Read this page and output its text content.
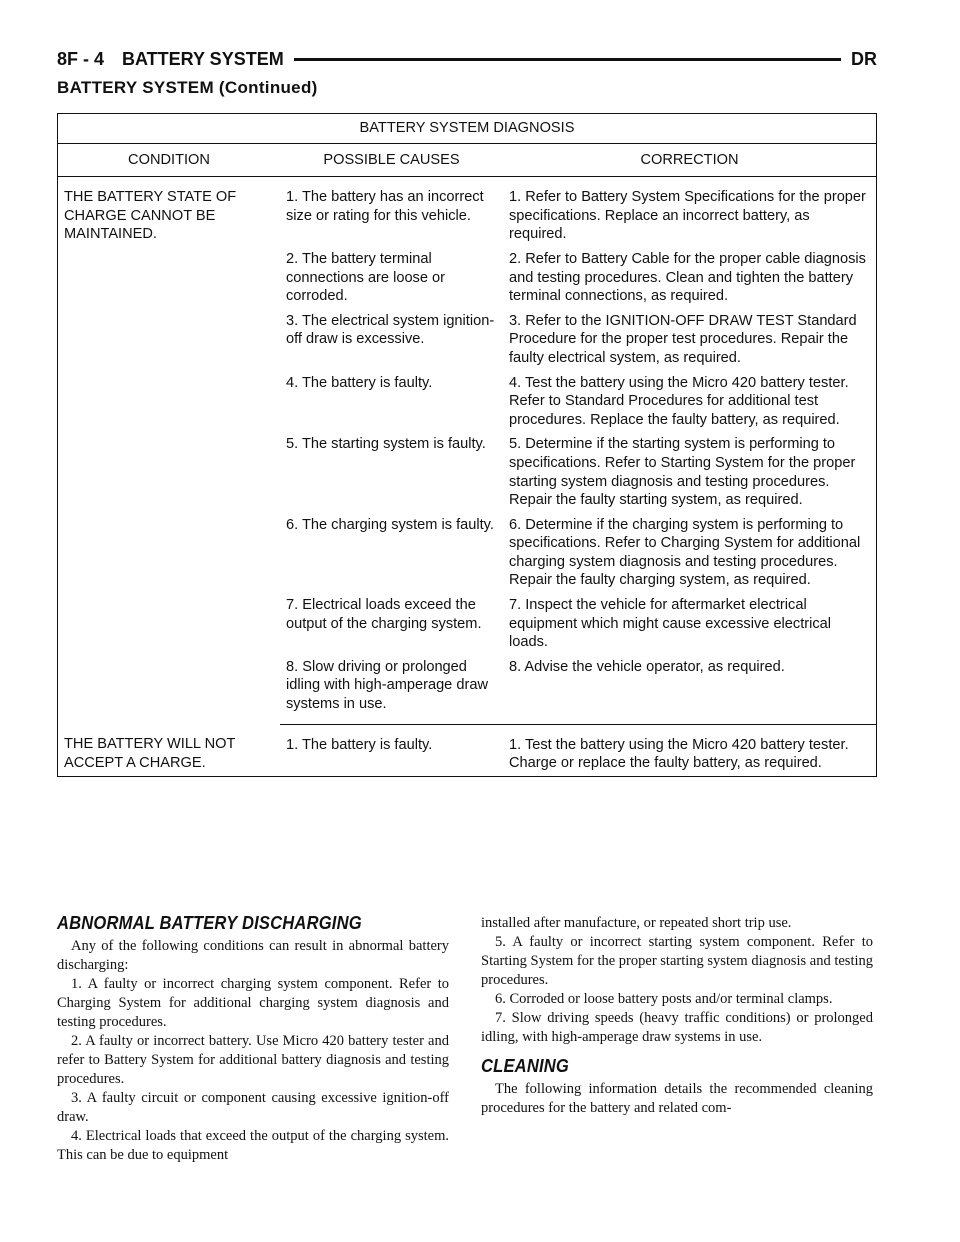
8F - 4 BATTERY SYSTEM	DR
BATTERY SYSTEM (Continued)
BATTERY SYSTEM DIAGNOSIS		
CONDITION	POSSIBLE CAUSES	CORRECTION
THE BATTERY STATE OF CHARGE CANNOT BE MAINTAINED.	1. The battery has an incorrect size or rating for this vehicle.	1. Refer to Battery System Specifications for the proper specifications. Replace an incorrect battery, as required.
	2. The battery terminal connections are loose or corroded.	2. Refer to Battery Cable for the proper cable diagnosis and testing procedures. Clean and tighten the battery terminal connections, as required.
	3. The electrical system ignition-off draw is excessive.	3. Refer to the IGNITION-OFF DRAW TEST Standard Procedure for the proper test procedures. Repair the faulty electrical system, as required.
	4. The battery is faulty.	4. Test the battery using the Micro 420 battery tester. Refer to Standard Procedures for additional test procedures. Replace the faulty battery, as required.
	5. The starting system is faulty.	5. Determine if the starting system is performing to specifications. Refer to Starting System for the proper starting system diagnosis and testing procedures. Repair the faulty starting system, as required.
	6. The charging system is faulty.	6. Determine if the charging system is performing to specifications. Refer to Charging System for additional charging system diagnosis and testing procedures. Repair the faulty charging system, as required.
	7. Electrical loads exceed the output of the charging system.	7. Inspect the vehicle for aftermarket electrical equipment which might cause excessive electrical loads.
	8. Slow driving or prolonged idling with high-amperage draw systems in use.	8. Advise the vehicle operator, as required.
THE BATTERY WILL NOT ACCEPT A CHARGE.	1. The battery is faulty.	1. Test the battery using the Micro 420 battery tester. Charge or replace the faulty battery, as required.
ABNORMAL BATTERY DISCHARGING

Any of the following conditions can result in abnormal battery discharging:

1. A faulty or incorrect charging system component. Refer to Charging System for additional charging system diagnosis and testing procedures.

2. A faulty or incorrect battery. Use Micro 420 battery tester and refer to Battery System for additional battery diagnosis and testing procedures.

3. A faulty circuit or component causing excessive ignition-off draw.

4. Electrical loads that exceed the output of the charging system. This can be due to equipment

installed after manufacture, or repeated short trip use.

5. A faulty or incorrect starting system component. Refer to Starting System for the proper starting system diagnosis and testing procedures.

6. Corroded or loose battery posts and/or terminal clamps.

7. Slow driving speeds (heavy traffic conditions) or prolonged idling, with high-amperage draw systems in use.

CLEANING

The following information details the recommended cleaning procedures for the battery and related com-
